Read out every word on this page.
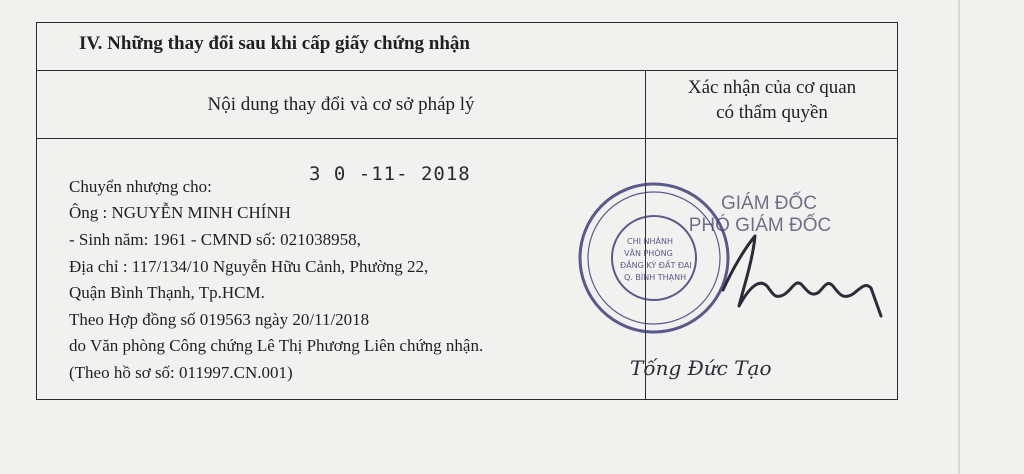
IV. Những thay đổi sau khi cấp giấy chứng nhận
Nội dung thay đổi và cơ sở pháp lý
Xác nhận của cơ quan
có thẩm quyền
3 0 -11- 2018
Chuyển nhượng cho:
Ông : NGUYỄN MINH CHÍNH
- Sinh năm: 1961 - CMND số: 021038958,
Địa chỉ : 117/134/10 Nguyễn Hữu Cảnh, Phường 22,
Quận Bình Thạnh, Tp.HCM.
Theo Hợp đồng số 019563 ngày 20/11/2018
do Văn phòng Công chứng Lê Thị Phương Liên chứng nhận.
(Theo hồ sơ số: 011997.CN.001)
GIÁM ĐỐC
PHÓ GIÁM ĐỐC
CHI NHÁNH
VĂN PHÒNG
ĐĂNG KÝ ĐẤT ĐAI
Q. BÌNH THẠNH
Tống Đức Tạo
